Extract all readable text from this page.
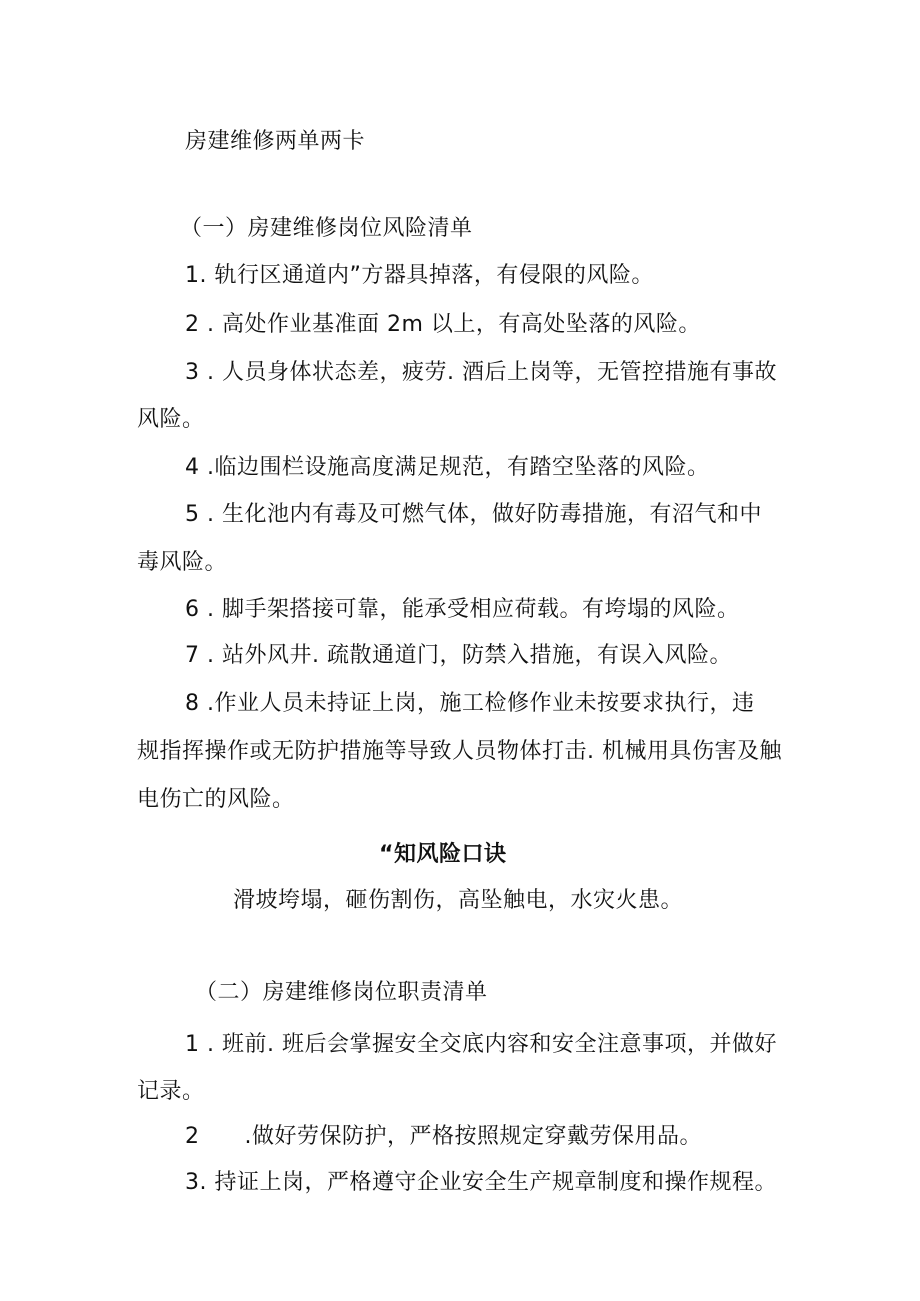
房建维修两单两卡
（一）房建维修岗位风险清单
1. 轨行区通道内”方器具掉落，有侵限的风险。
2 . 高处作业基准面 2m 以上，有高处坠落的风险。
3 . 人员身体状态差，疲劳. 酒后上岗等，无管控措施有事故
风险。
4 .临边围栏设施高度满足规范，有踏空坠落的风险。
5 . 生化池内有毒及可燃气体，做好防毒措施，有沼气和中
毒风险。
6 . 脚手架搭接可靠，能承受相应荷载。有垮塌的风险。
7 . 站外风井. 疏散通道门，防禁入措施，有误入风险。
8 .作业人员未持证上岗，施工检修作业未按要求执行，违
规指挥操作或无防护措施等导致人员物体打击. 机械用具伤害及触
电伤亡的风险。
“知风险口诀
滑坡垮塌，砸伤割伤，高坠触电，水灾火患。
（二）房建维修岗位职责清单
1 . 班前. 班后会掌握安全交底内容和安全注意事项，并做好
记录。
2　　.做好劳保防护，严格按照规定穿戴劳保用品。
3. 持证上岗，严格遵守企业安全生产规章制度和操作规程。
